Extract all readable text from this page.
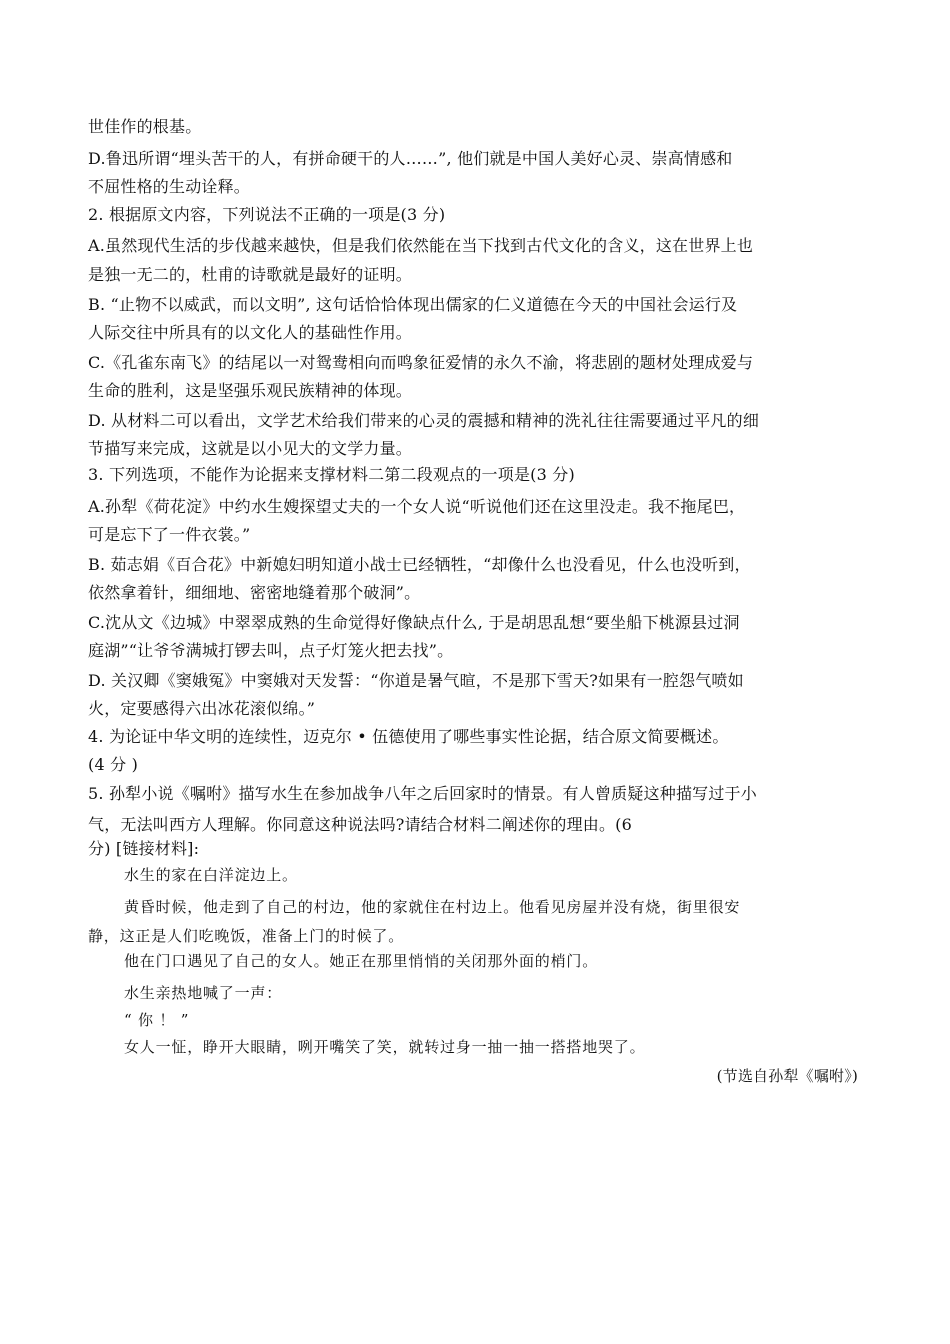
世佳作的根基。
D.鲁迅所谓“埋头苦干的人，有拼命硬干的人……”, 他们就是中国人美好心灵、崇高情感和
不屈性格的生动诠释。
2. 根据原文内容，下列说法不正确的一项是(3 分)
A.虽然现代生活的步伐越来越快，但是我们依然能在当下找到古代文化的含义，这在世界上也
是独一无二的，杜甫的诗歌就是最好的证明。
B. “止物不以威武，而以文明”, 这句话恰恰体现出儒家的仁义道德在今天的中国社会运行及
人际交往中所具有的以文化人的基础性作用。
C.《孔雀东南飞》的结尾以一对鸳鸯相向而鸣象征爱情的永久不渝，将悲剧的题材处理成爱与
生命的胜利，这是坚强乐观民族精神的体现。
D. 从材料二可以看出，文学艺术给我们带来的心灵的震撼和精神的洗礼往往需要通过平凡的细
节描写来完成，这就是以小见大的文学力量。
3. 下列选项，不能作为论据来支撑材料二第二段观点的一项是(3 分)
A.孙犁《荷花淀》中约水生嫂探望丈夫的一个女人说“听说他们还在这里没走。我不拖尾巴，
可是忘下了一件衣裳。”
B. 茹志娟《百合花》中新媳妇明知道小战士已经牺牲，“却像什么也没看见，什么也没听到，
依然拿着针，细细地、密密地缝着那个破洞”。
C.沈从文《边城》中翠翠成熟的生命觉得好像缺点什么, 于是胡思乱想“要坐船下桃源县过洞
庭湖”“让爷爷满城打锣去叫，点子灯笼火把去找”。
D. 关汉卿《窦娥冤》中窦娥对天发誓：“你道是暑气暄，不是那下雪天?如果有一腔怨气喷如
火，定要感得六出冰花滚似绵。”
4. 为论证中华文明的连续性，迈克尔 • 伍德使用了哪些事实性论据，结合原文简要概述。
(4 分 )
5. 孙犁小说《嘱咐》描写水生在参加战争八年之后回家时的情景。有人曾质疑这种描写过于小
气，无法叫西方人理解。你同意这种说法吗?请结合材料二阐述你的理由。(6
分) [链接材料]:
水生的家在白洋淀边上。
黄昏时候，他走到了自己的村边，他的家就住在村边上。他看见房屋并没有烧，街里很安
静，这正是人们吃晚饭，准备上门的时候了。
他在门口遇见了自己的女人。她正在那里悄悄的关闭那外面的梢门。
水生亲热地喊了一声：
“ 你 ！ ”
女人一怔，睁开大眼睛，咧开嘴笑了笑，就转过身一抽一抽一搭搭地哭了。
(节选自孙犁《嘱咐》)
